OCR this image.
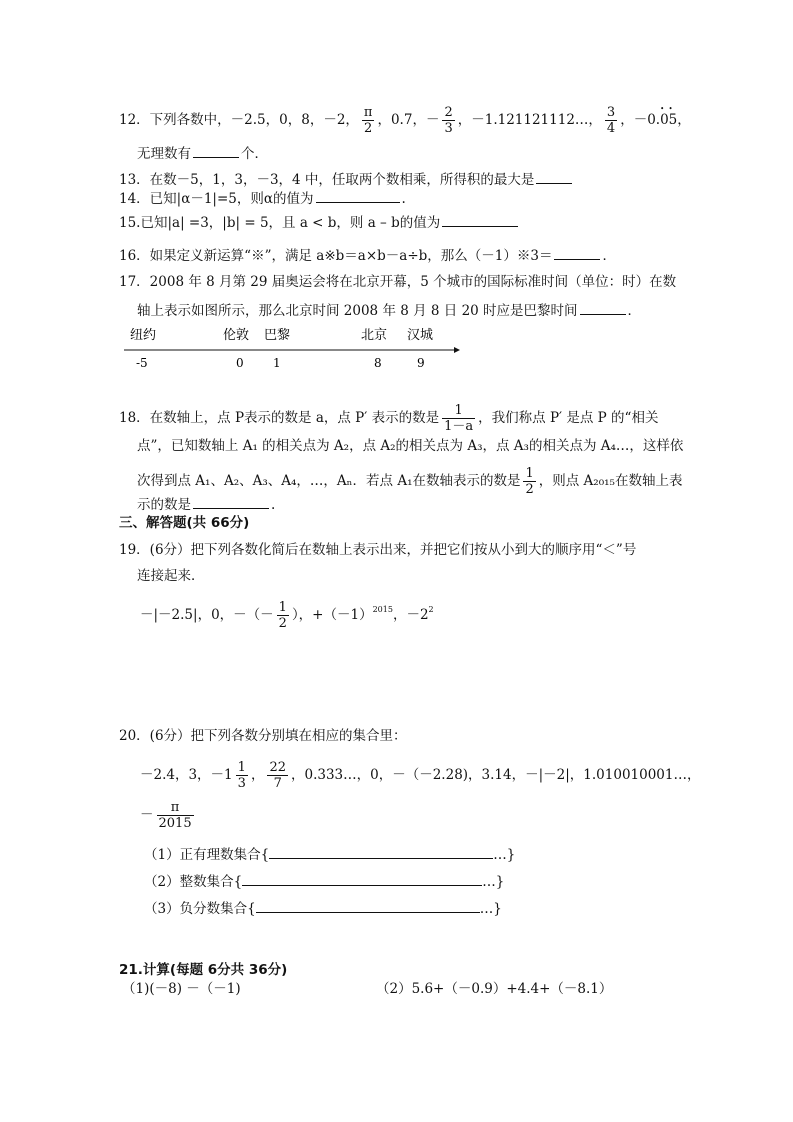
12．下列各数中，－2.5，0，8，－2， $\frac{\pi}{2}$ ，0.7，－ $\frac{2}{3}$ ，－1.121121112…， $\frac{3}{4}$ ，－0.• • 05，
无理数有	个．
13．在数－5，1，3，－3，4 中，任取两个数相乘，所得积的最大是
14．已知|α－1|=5，则α的值为	.
15.已知|a| =3，|b| = 5，且 a < b，则 a – b的值为
16．如果定义新运算“※”，满足 a※b＝a×b－a÷b，那么（－1）※3＝	．
17．2008 年 8 月第 29 届奥运会将在北京开幕，5 个城市的国际标准时间（单位：时）在数
轴上表示如图所示，那么北京时间 2008 年 8 月 8 日 20 时应是巴黎时间	．
纽约	伦敦 巴黎	北京 汉城
-5	0 1	8	9
18．在数轴上，点 P表示的数是 a，点 P′ 表示的数是 $\frac{1}{1-a}$ ，我们称点 P′ 是点 P 的“相关
点”，已知数轴上 A₁ 的相关点为 A₂，点 A₂的相关点为 A₃，点 A₃的相关点为 A₄…，这样依
次得到点 A₁、A₂、A₃、A₄，…，Aₙ．若点 A₁在数轴表示的数是 $\frac{1}{2}$ ，则点 A₂₀₁₅在数轴上表
示的数是	.
三、解答题(共 66分)
19．(6分）把下列各数化简后在数轴上表示出来，并把它们按从小到大的顺序用“＜”号
连接起来．
－|－2.5|，0，－（－ $\frac{1}{2}$ ），$+(-1)^{2015}$，$-2^2$
20．(6分）把下列各数分别填在相应的集合里：
－2.4，3，$-1 \frac{1}{3}$ ， $\frac{22}{7}$ ，0.333…，0，－（－2.28)，3.14，－|－2|，1.010010001…，
－ $\frac{\pi}{2015}$
（1）正有理数集合{	…}
（2）整数集合{	…}
（3）负分数集合{	…}
21.计算(每题 6分共 36分)
（1)(－8) －（－1)	（2）5.6+（－0.9）+4.4+（－8.1）
